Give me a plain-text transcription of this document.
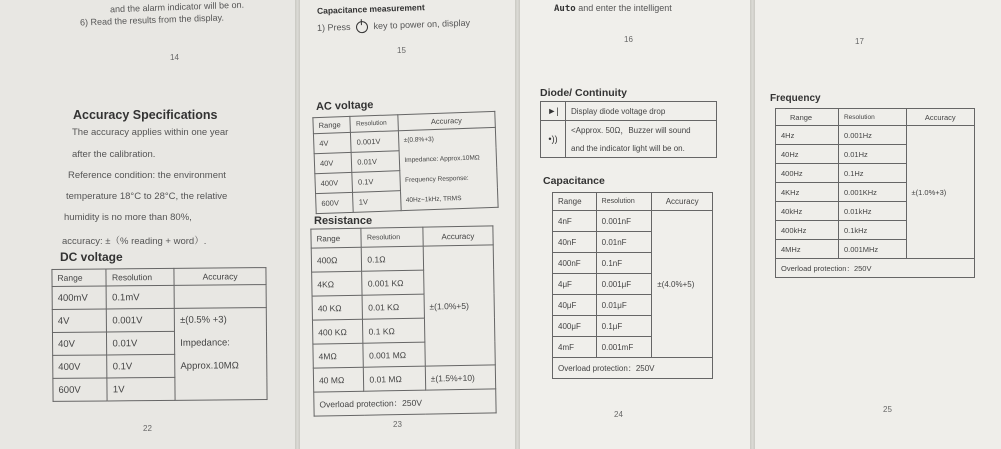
and the alarm indicator will be on.
6) Read the results from the display.
14
Accuracy Specifications
The accuracy applies within one year
after the calibration.
Reference condition: the environment
temperature 18°C to 28°C, the relative
humidity is no more than 80%,
accuracy: ±（% reading + word）.
DC voltage
Range	Resolution	Accuracy
400mV	0.1mV	
4V	0.001V	±(0.5% +3)
40V	0.01V	Impedance:
400V	0.1V	Approx.10MΩ
600V	1V	
22
Capacitance measurement
1) Press	key to power on, display
15
AC voltage
Range	Resolution	Accuracy
4V	0.001V	±(0.8%+3)
40V	0.01V	Impedance: Approx.10MΩ
400V	0.1V	Frequency Response:
600V	1V	40Hz~1kHz, TRMS
Resistance
Range	Resolution	Accuracy
400Ω	0.1Ω	
4KΩ	0.001 KΩ	
40 KΩ	0.01 KΩ	±(1.0%+5)
400 KΩ	0.1 KΩ	
4MΩ	0.001 MΩ	
40 MΩ	0.01 MΩ	±(1.5%+10)
Overload protection：250V		
23
Auto and enter the intelligent
16
Diode/ Continuity
►|	Display diode voltage drop
•))	<Approx. 50Ω，Buzzer will sound
	and the indicator light will be on.
Capacitance
Range	Resolution	Accuracy
4nF	0.001nF	
40nF	0.01nF	
400nF	0.1nF	
4μF	0.001μF	±(4.0%+5)
40μF	0.01μF	
400μF	0.1μF	
4mF	0.001mF	
Overload protection：250V		
24
17
Frequency
Range	Resolution	Accuracy
4Hz	0.001Hz	
40Hz	0.01Hz	
400Hz	0.1Hz	
4KHz	0.001KHz	±(1.0%+3)
40kHz	0.01kHz	
400kHz	0.1kHz	
4MHz	0.001MHz	
Overload protection：250V		
25
